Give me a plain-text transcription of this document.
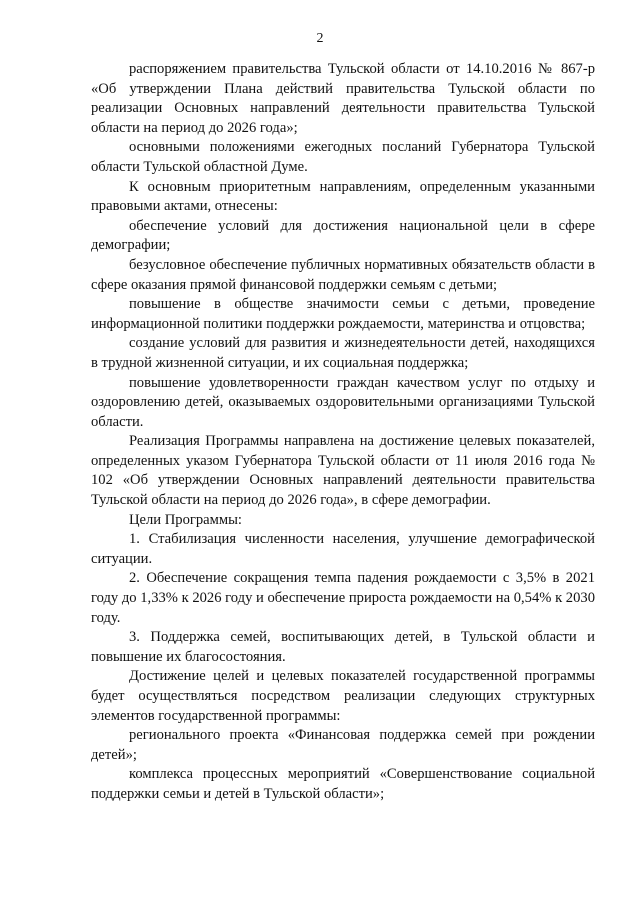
2

распоряжением правительства Тульской области от 14.10.2016 № 867-р «Об утверждении Плана действий правительства Тульской области по реализации Основных направлений деятельности правительства Тульской области на период до 2026 года»;

основными положениями ежегодных посланий Губернатора Тульской области Тульской областной Думе.

К основным приоритетным направлениям, определенным указанными правовыми актами, отнесены:

обеспечение условий для достижения национальной цели в сфере демографии;

безусловное обеспечение публичных нормативных обязательств области в сфере оказания прямой финансовой поддержки семьям с детьми;

повышение в обществе значимости семьи с детьми, проведение информационной политики поддержки рождаемости, материнства и отцовства;

создание условий для развития и жизнедеятельности детей, находящихся в трудной жизненной ситуации, и их социальная поддержка;

повышение удовлетворенности граждан качеством услуг по отдыху и оздоровлению детей, оказываемых оздоровительными организациями Тульской области.

Реализация Программы направлена на достижение целевых показателей, определенных указом Губернатора Тульской области от 11 июля 2016 года № 102 «Об утверждении Основных направлений деятельности правительства Тульской области на период до 2026 года», в сфере демографии.

Цели Программы:

1. Стабилизация численности населения, улучшение демографической ситуации.

2. Обеспечение сокращения темпа падения рождаемости с 3,5% в 2021 году до 1,33% к 2026 году и обеспечение прироста рождаемости на 0,54% к 2030 году.

3. Поддержка семей, воспитывающих детей, в Тульской области и повышение их благосостояния.

Достижение целей и целевых показателей государственной программы будет осуществляться посредством реализации следующих структурных элементов государственной программы:

регионального проекта «Финансовая поддержка семей при рождении детей»;

комплекса процессных мероприятий «Совершенствование социальной поддержки семьи и детей в Тульской области»;
